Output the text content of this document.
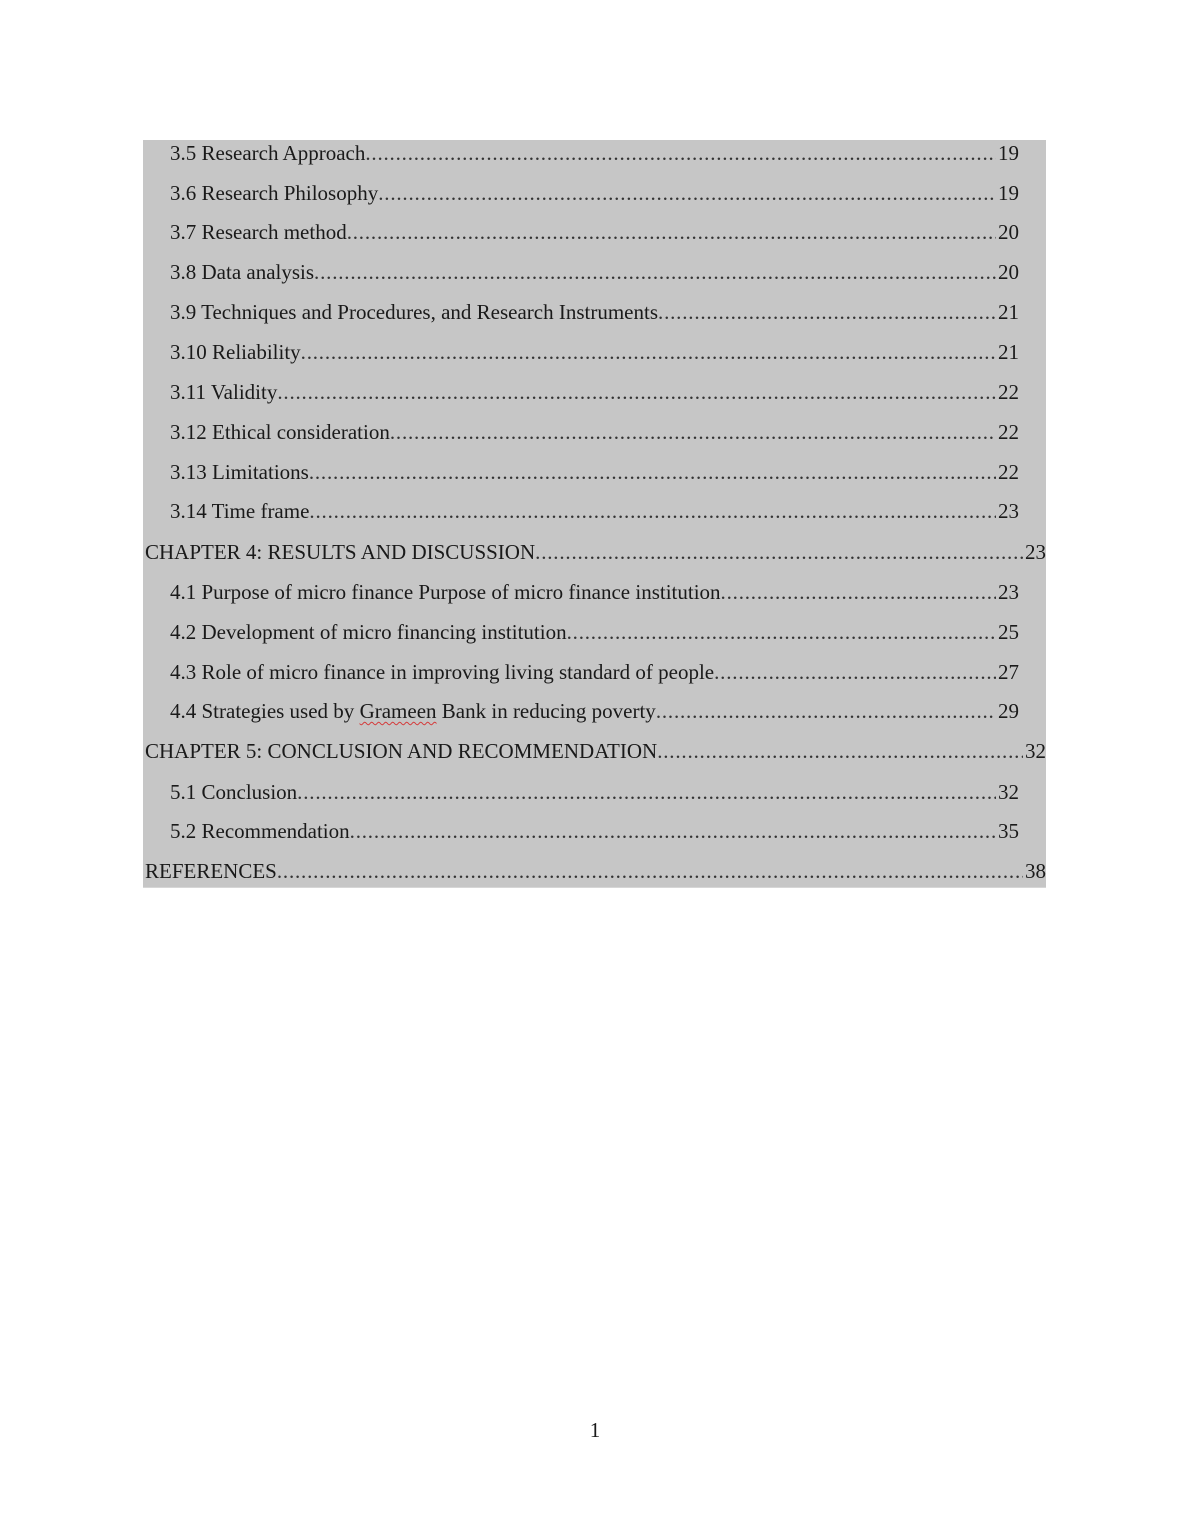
3.5 Research Approach .....	19
3.6 Research Philosophy .....	19
3.7 Research method .....	20
3.8 Data analysis .....	20
3.9 Techniques and Procedures, and Research Instruments .....	21
3.10 Reliability .....	21
3.11 Validity .....	22
3.12 Ethical consideration .....	22
3.13 Limitations .....	22
3.14 Time frame .....	23
CHAPTER 4: RESULTS AND DISCUSSION .....	23
4.1 Purpose of micro finance Purpose of micro finance institution .....	23
4.2 Development of micro financing institution .....	25
4.3 Role of micro finance in improving living standard of people .....	27
4.4 Strategies used by Grameen Bank in reducing poverty .....	29
CHAPTER 5: CONCLUSION AND RECOMMENDATION .....	32
5.1 Conclusion .....	32
5.2 Recommendation .....	35
REFERENCES .....	38
1
